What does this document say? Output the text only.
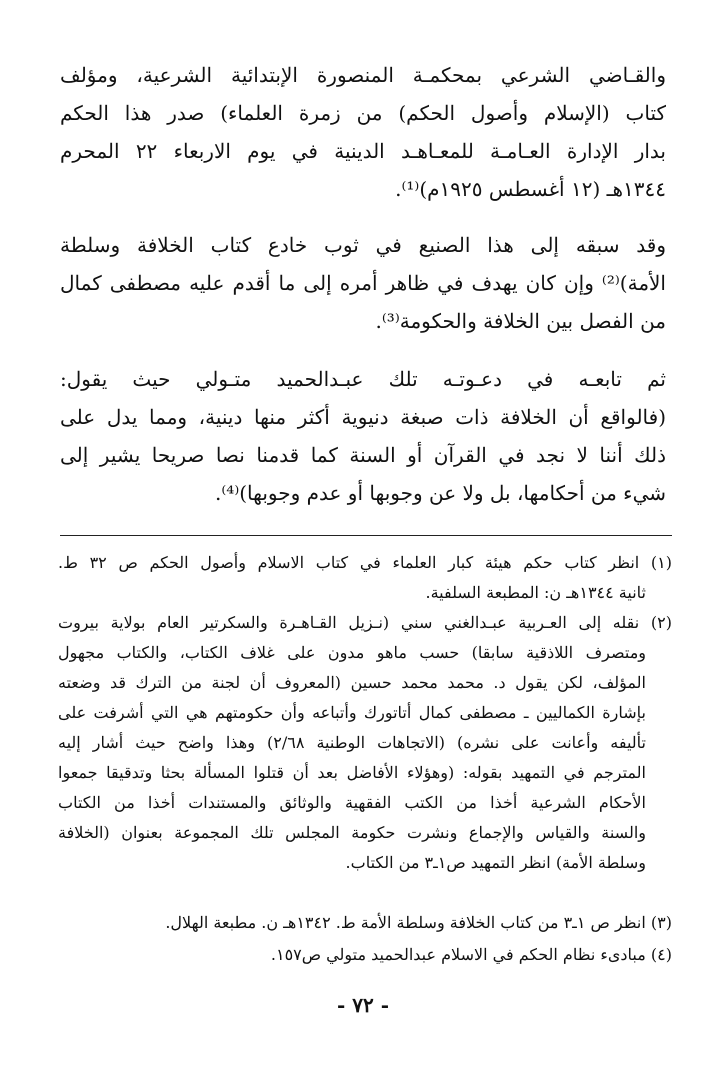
والقـاضي الشرعي بمحكمـة المنصورة الإبتدائية الشرعية، ومؤلف
كتاب (الإسلام وأصول الحكم) من زمرة العلماء) صدر هذا الحكم
بدار الإدارة العـامـة للمعـاهـد الدينية في يوم الاربعاء ٢٢ المحرم
١٣٤٤هـ (١٢ أغسطس ١٩٢٥م)⁽¹⁾.
وقد سبقه إلى هذا الصنيع في ثوب خادع كتاب الخلافة وسلطة
الأمة)⁽²⁾ وإن كان يهدف في ظاهر أمره إلى ما أقدم عليه مصطفى كمال
من الفصل بين الخلافة والحكومة⁽³⁾.
ثم تابعـه في دعـوتـه تلك عبـدالحميد متـولي حيث يقول:
(فالواقع أن الخلافة ذات صبغة دنيوية أكثر منها دينية، ومما يدل على
ذلك أننا لا نجد في القرآن أو السنة كما قدمنا نصا صريحا يشير إلى
شيء من أحكامها، بل ولا عن وجوبها أو عدم وجوبها)⁽⁴⁾.
(١) انظر كتاب حكم هيئة كبار العلماء في كتاب الاسلام وأصول الحكم ص ٣٢ ط.
ثانية ١٣٤٤هـ ن: المطبعة السلفية.
(٢) نقله إلى العـربية عبـدالغني سني (نـزيل القـاهـرة والسكرتير العام بولاية بيروت
ومتصرف اللاذقية سابقا) حسب ماهو مدون على غلاف الكتاب، والكتاب مجهول
المؤلف، لكن يقول د. محمد محمد حسين (المعروف أن لجنة من الترك قد وضعته
بإشارة الكماليين ـ مصطفى كمال أتاتورك وأتباعه وأن حكومتهم هي التي أشرفت على
تأليفه وأعانت على نشره) (الاتجاهات الوطنية ٢/٦٨) وهذا واضح حيث أشار إليه
المترجم في التمهيد بقوله: (وهؤلاء الأفاضل بعد أن قتلوا المسألة بحثا وتدقيقا جمعوا
الأحكام الشرعية أخذا من الكتب الفقهية والوثائق والمستندات أخذا من الكتاب
والسنة والقياس والإجماع ونشرت حكومة المجلس تلك المجموعة بعنوان (الخلافة
وسلطة الأمة) انظر التمهيد ص١ـ٣ من الكتاب.
(٣) انظر ص ١ـ٣ من كتاب الخلافة وسلطة الأمة ط. ١٣٤٢هـ ن. مطبعة الهلال.
(٤) مبادىء نظام الحكم في الاسلام عبدالحميد متولي ص١٥٧.
- ٧٢ -
